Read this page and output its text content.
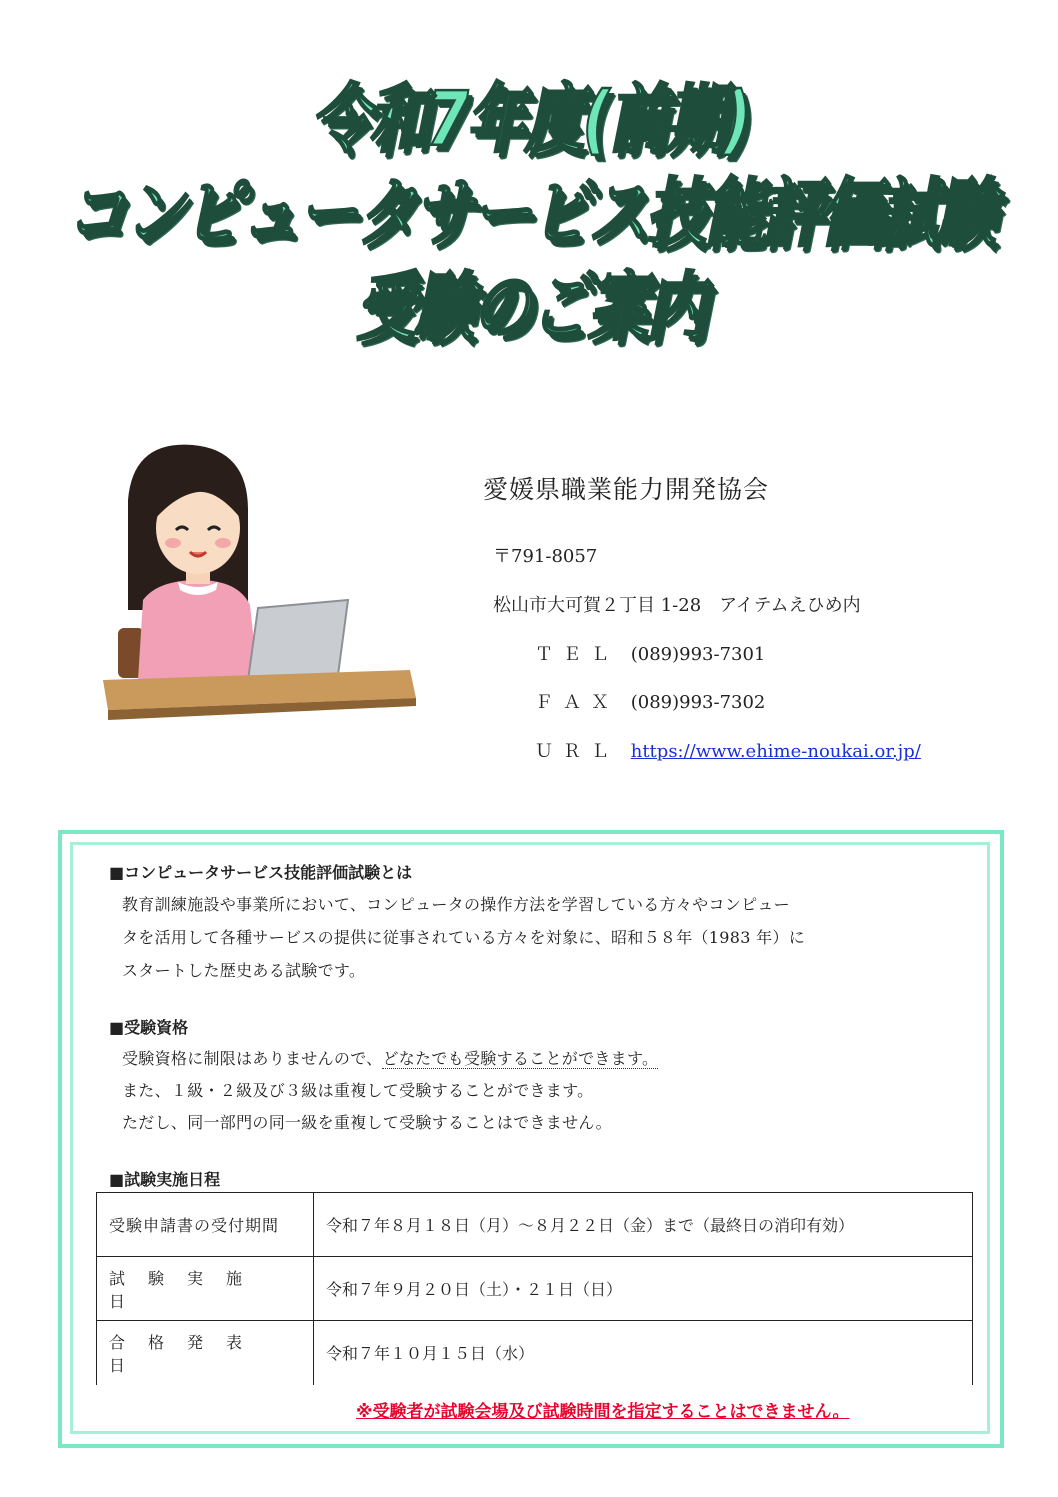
令和7年度(前期)
コンピュータサービス技能評価試験
受験のご案内
愛媛県職業能力開発協会
〒791-8057
松山市大可賀２丁目 1-28　アイテムえひめ内
ＴＥＬ (089)993-7301
ＦＡＸ (089)993-7302
ＵＲＬ https://www.ehime-noukai.or.jp/
■コンピュータサービス技能評価試験とは
教育訓練施設や事業所において、コンピュータの操作方法を学習している方々やコンピュー
タを活用して各種サービスの提供に従事されている方々を対象に、昭和５８年（1983 年）に
スタートした歴史ある試験です。
■受験資格
受験資格に制限はありませんので、どなたでも受験することができます。
また、１級・２級及び３級は重複して受験することができます。
ただし、同一部門の同一級を重複して受験することはできません。
■試験実施日程
受験申請書の受付期間	令和７年８月１８日（月）～８月２２日（金）まで（最終日の消印有効）
試験実施日	令和７年９月２０日（土）・２１日（日）
合格発表日	令和７年１０月１５日（水）
※受験者が試験会場及び試験時間を指定することはできません。
